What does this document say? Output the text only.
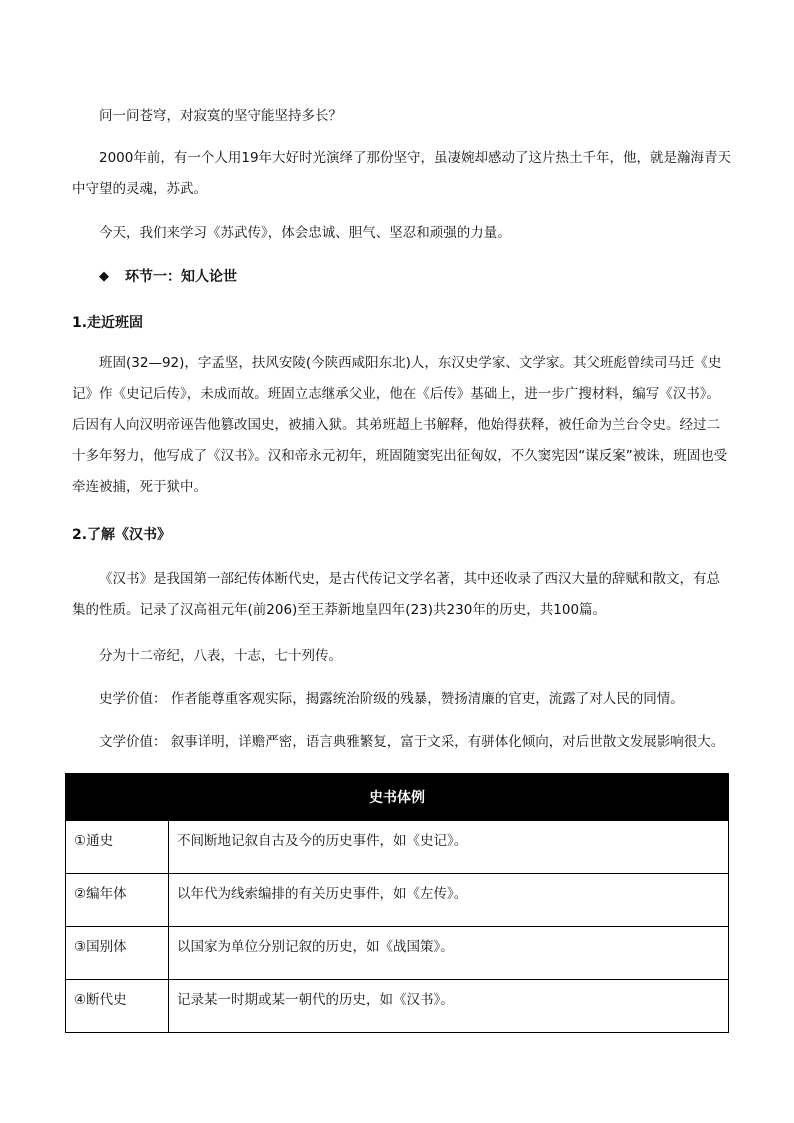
问一问苍穹，对寂寞的坚守能坚持多长？

2000年前，有一个人用19年大好时光演绎了那份坚守，虽凄婉却感动了这片热土千年，他，就是瀚海青天中守望的灵魂，苏武。

今天，我们来学习《苏武传》，体会忠诚、胆气、坚忍和顽强的力量。

◆ 环节一：知人论世

1.走近班固

班固(32—92)，字孟坚，扶风安陵(今陕西咸阳东北)人，东汉史学家、文学家。其父班彪曾续司马迁《史记》作《史记后传》，未成而故。班固立志继承父业，他在《后传》基础上，进一步广搜材料，编写《汉书》。后因有人向汉明帝诬告他篡改国史，被捕入狱。其弟班超上书解释，他始得获释，被任命为兰台令史。经过二十多年努力，他写成了《汉书》。汉和帝永元初年，班固随窦宪出征匈奴，不久窦宪因“谋反案”被诛，班固也受牵连被捕，死于狱中。

2.了解《汉书》

《汉书》是我国第一部纪传体断代史，是古代传记文学名著，其中还收录了西汉大量的辞赋和散文，有总集的性质。记录了汉高祖元年(前206)至王莽新地皇四年(23)共230年的历史，共100篇。

分为十二帝纪，八表，十志，七十列传。

史学价值： 作者能尊重客观实际，揭露统治阶级的残暴，赞扬清廉的官吏，流露了对人民的同情。

文学价值： 叙事详明，详赡严密，语言典雅繁复，富于文采，有骈体化倾向，对后世散文发展影响很大。

史书体例	
①通史	不间断地记叙自古及今的历史事件，如《史记》。
②编年体	以年代为线索编排的有关历史事件，如《左传》。
③国别体	以国家为单位分别记叙的历史，如《战国策》。
④断代史	记录某一时期或某一朝代的历史，如《汉书》。
